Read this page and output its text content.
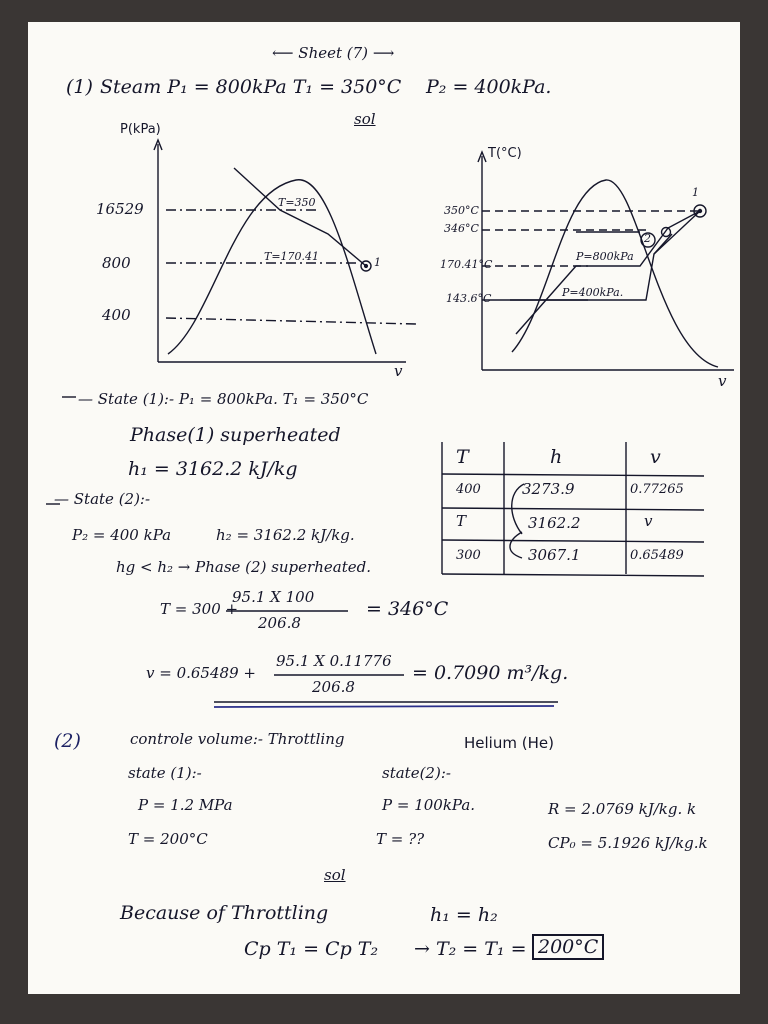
⟵ Sheet (7) ⟶
(1) Steam P₁ = 800kPa T₁ = 350°C P₂ = 400kPa.
sol
P(kPa)
16529
800
400
T=350
T=170.41	1
v
T(°C)
350°C
346°C
170.41°C
143.6°C
P=800kPa
P=400kPa.
1
2
v
— State (1):- P₁ = 800kPa. T₁ = 350°C
Phase(1) superheated
h₁ = 3162.2 kJ/kg
— State (2):-
P₂ = 400 kPa	h₂ = 3162.2 kJ/kg.
hg < h₂ → Phase (2) superheated.
T	h	v
400	3273.9	0.77265
T	3162.2	v
300	3067.1	0.65489
T = 300 +
95.1 X 100
206.8
= 346°C
v = 0.65489 +
95.1 X 0.11776
206.8
= 0.7090 m³/kg.
(2)	controle volume:- Throttling	Helium (He)
state (1):-	state(2):-
P = 1.2 MPa	P = 100kPa.	R = 2.0769 kJ/kg. k
T = 200°C	T = ??	CP₀ = 5.1926 kJ/kg.k
sol
Because of Throttling	h₁ = h₂
Cp T₁ = Cp T₂ → T₂ = T₁ = 200°C
